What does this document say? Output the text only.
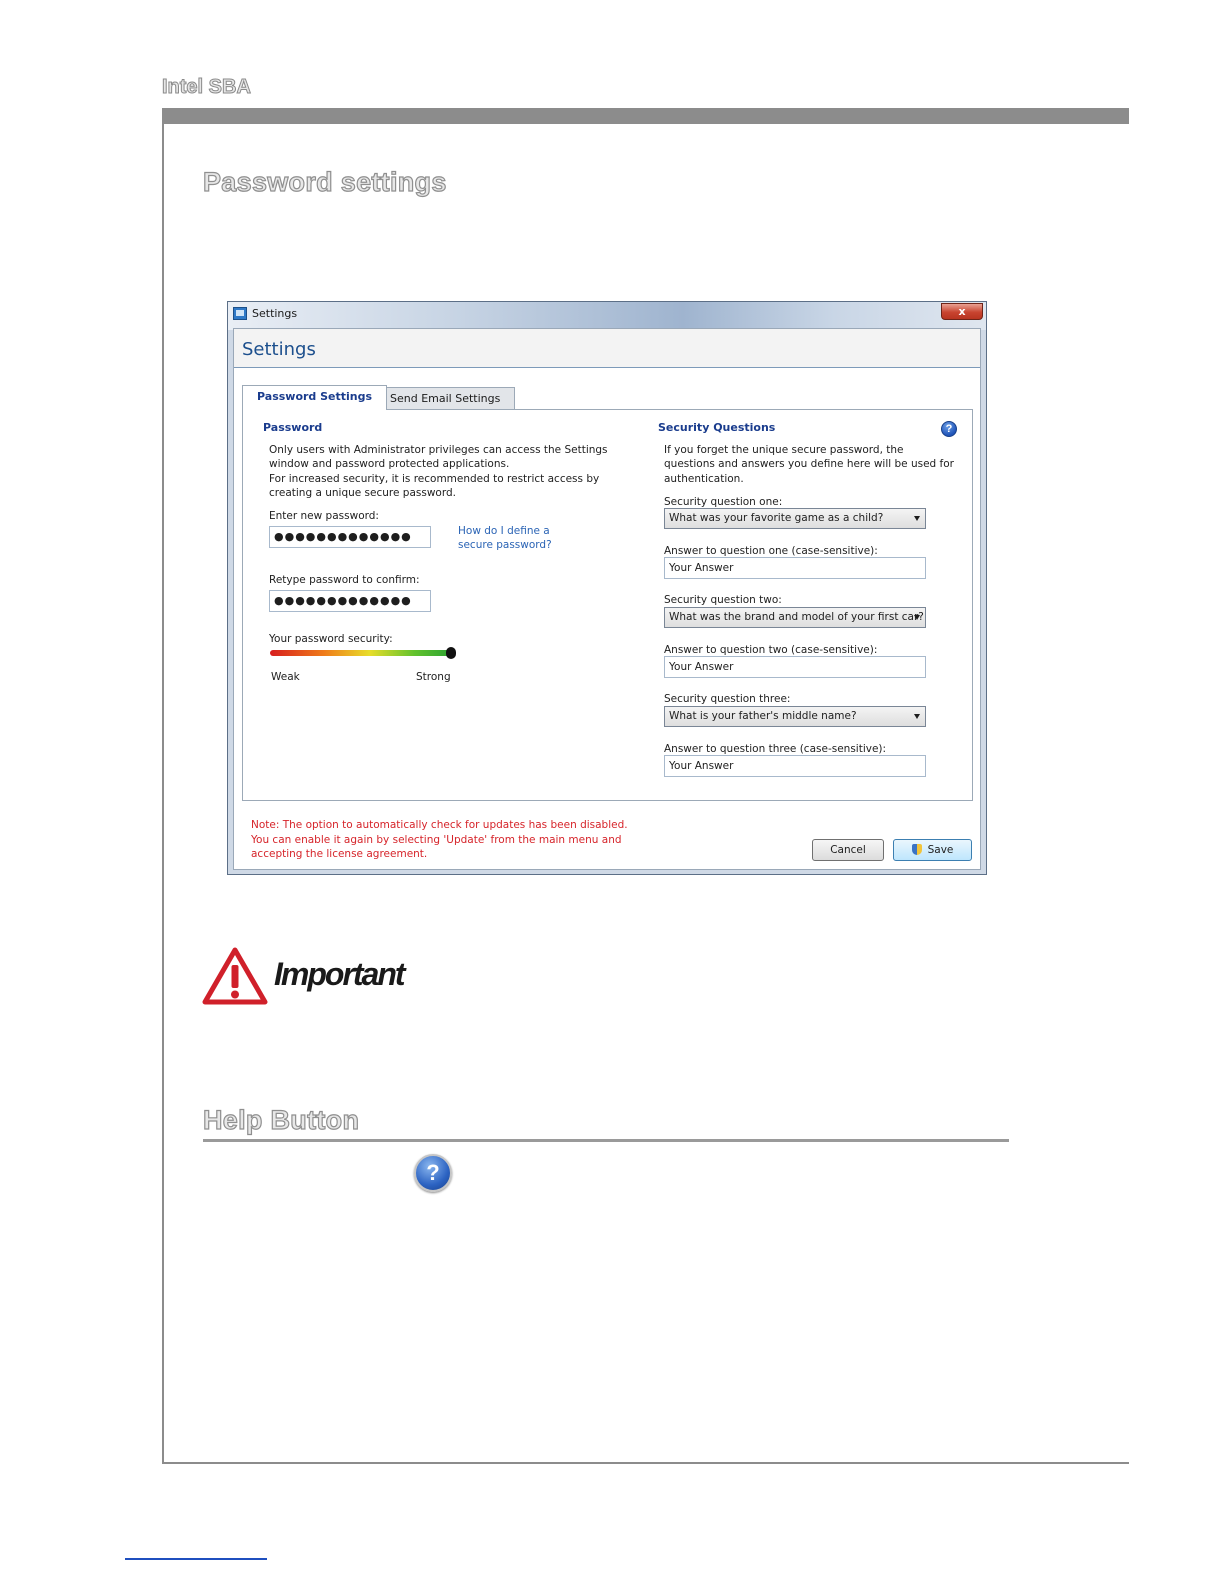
Intel SBA
Password settings
Settings	x
Settings
Password Settings	Send Email Settings
Password
Only users with Administrator privileges can access the Settings
window and password protected applications.
For increased security, it is recommended to restrict access by
creating a unique secure password.
Enter new password:
●●●●●●●●●●●●●	How do I define a
secure password?
Retype password to confirm:
●●●●●●●●●●●●●
Your password security:
Weak	Strong
Security Questions	?
If you forget the unique secure password, the
questions and answers you define here will be used for
authentication.
Security question one:
What was your favorite game as a child?
Answer to question one (case-sensitive):
Your Answer
Security question two:
What was the brand and model of your first car?
Answer to question two (case-sensitive):
Your Answer
Security question three:
What is your father's middle name?
Answer to question three (case-sensitive):
Your Answer
Note: The option to automatically check for updates has been disabled.
You can enable it again by selecting 'Update' from the main menu and
accepting the license agreement.	Cancel	Save
Important
Help Button
?
